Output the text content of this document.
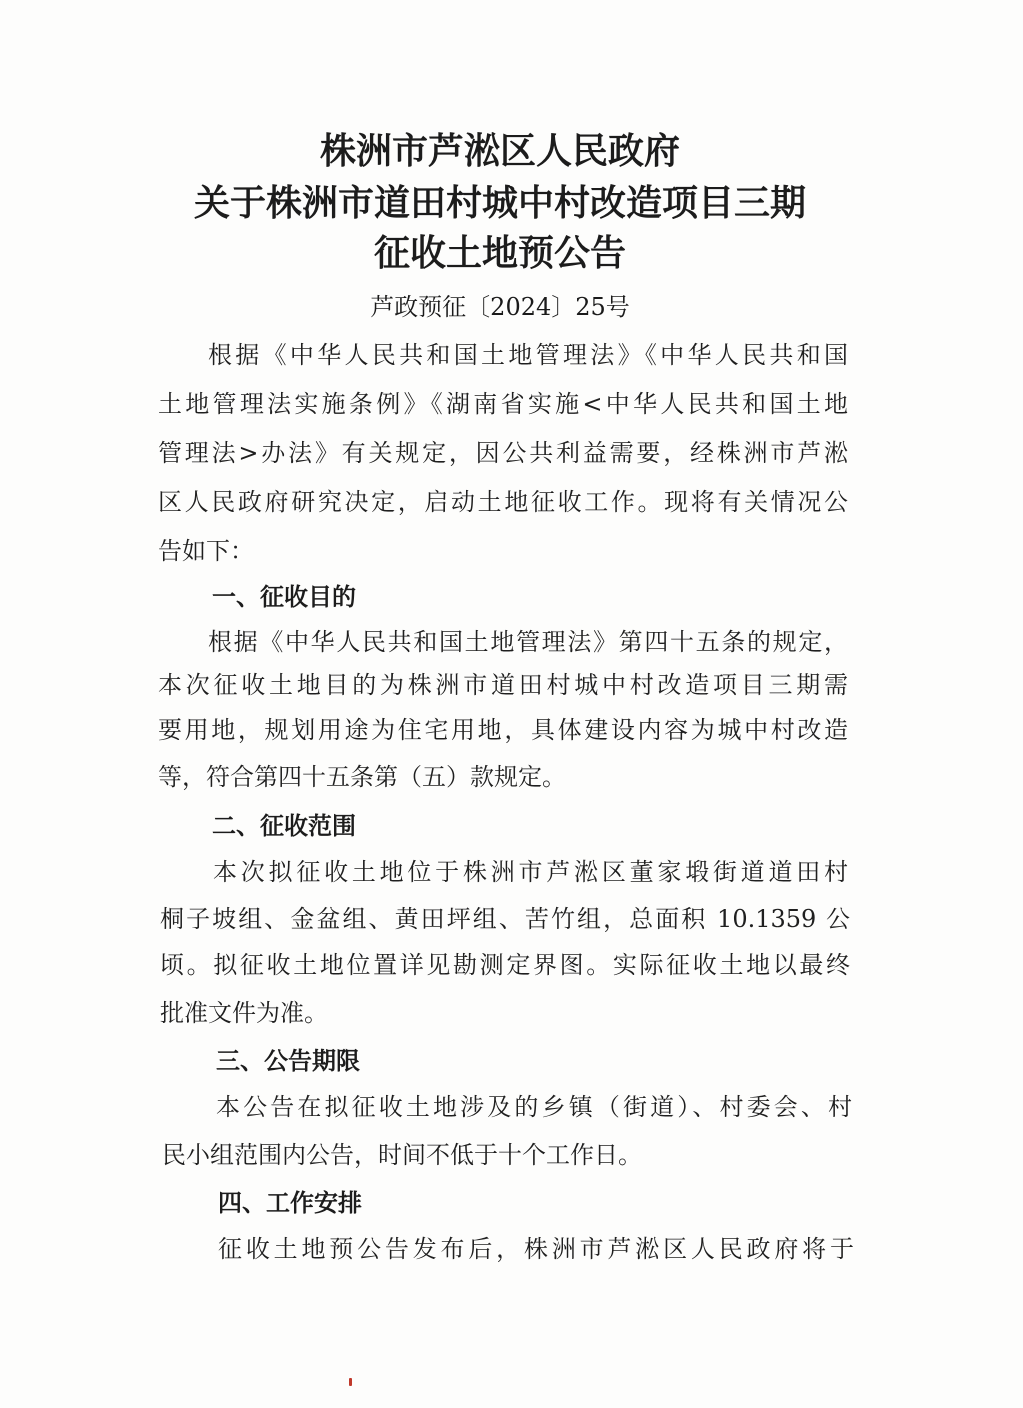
株洲市芦淞区人民政府
关于株洲市道田村城中村改造项目三期
征收土地预公告
芦政预征〔2024〕25号
根据《中华人民共和国土地管理法》《中华人民共和国
土地管理法实施条例》《湖南省实施<中华人民共和国土地
管理法>办法》有关规定，因公共利益需要，经株洲市芦淞
区人民政府研究决定，启动土地征收工作。现将有关情况公
告如下：
一、征收目的
根据《中华人民共和国土地管理法》第四十五条的规定，
本次征收土地目的为株洲市道田村城中村改造项目三期需
要用地，规划用途为住宅用地，具体建设内容为城中村改造
等，符合第四十五条第（五）款规定。
二、征收范围
本次拟征收土地位于株洲市芦淞区董家塅街道道田村
桐子坡组、金盆组、黄田坪组、苦竹组，总面积 10.1359 公
顷。拟征收土地位置详见勘测定界图。实际征收土地以最终
批准文件为准。
三、公告期限
本公告在拟征收土地涉及的乡镇（街道）、村委会、村
民小组范围内公告，时间不低于十个工作日。
四、工作安排
征收土地预公告发布后，株洲市芦淞区人民政府将于
